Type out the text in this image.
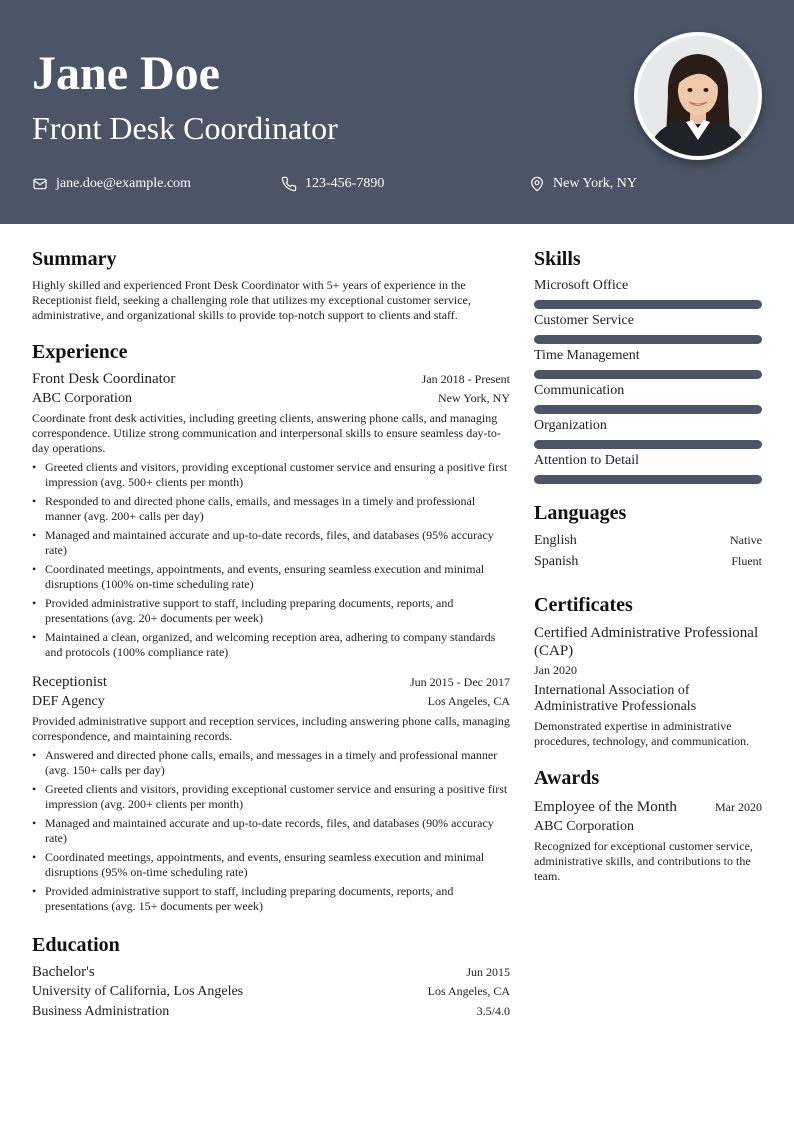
Jane Doe
Front Desk Coordinator
jane.doe@example.com	123-456-7890	New York, NY
Summary

Highly skilled and experienced Front Desk Coordinator with 5+ years of experience in the Receptionist field, seeking a challenging role that utilizes my exceptional customer service, administrative, and organizational skills to provide top-notch support to clients and staff.

Experience
Front Desk Coordinator	Jan 2018 - Present
ABC Corporation	New York, NY

Coordinate front desk activities, including greeting clients, answering phone calls, and managing correspondence. Utilize strong communication and interpersonal skills to ensure seamless day-to-day operations.

• Greeted clients and visitors, providing exceptional customer service and ensuring a positive first impression (avg. 500+ clients per month)
• Responded to and directed phone calls, emails, and messages in a timely and professional manner (avg. 200+ calls per day)
• Managed and maintained accurate and up-to-date records, files, and databases (95% accuracy rate)
• Coordinated meetings, appointments, and events, ensuring seamless execution and minimal disruptions (100% on-time scheduling rate)
• Provided administrative support to staff, including preparing documents, reports, and presentations (avg. 20+ documents per week)
• Maintained a clean, organized, and welcoming reception area, adhering to company standards and protocols (100% compliance rate)
Receptionist	Jun 2015 - Dec 2017
DEF Agency	Los Angeles, CA

Provided administrative support and reception services, including answering phone calls, managing correspondence, and maintaining records.

• Answered and directed phone calls, emails, and messages in a timely and professional manner (avg. 150+ calls per day)
• Greeted clients and visitors, providing exceptional customer service and ensuring a positive first impression (avg. 200+ clients per month)
• Managed and maintained accurate and up-to-date records, files, and databases (90% accuracy rate)
• Coordinated meetings, appointments, and events, ensuring seamless execution and minimal disruptions (95% on-time scheduling rate)
• Provided administrative support to staff, including preparing documents, reports, and presentations (avg. 15+ documents per week)
Education
Bachelor's	Jun 2015
University of California, Los Angeles	Los Angeles, CA
Business Administration	3.5/4.0
Skills
Microsoft Office
Customer Service
Time Management
Communication
Organization
Attention to Detail
Languages
English	Native
Spanish	Fluent
Certificates
Certified Administrative Professional (CAP)
Jan 2020
International Association of Administrative Professionals
Demonstrated expertise in administrative procedures, technology, and communication.
Awards
Employee of the Month	Mar 2020
ABC Corporation
Recognized for exceptional customer service, administrative skills, and contributions to the team.
